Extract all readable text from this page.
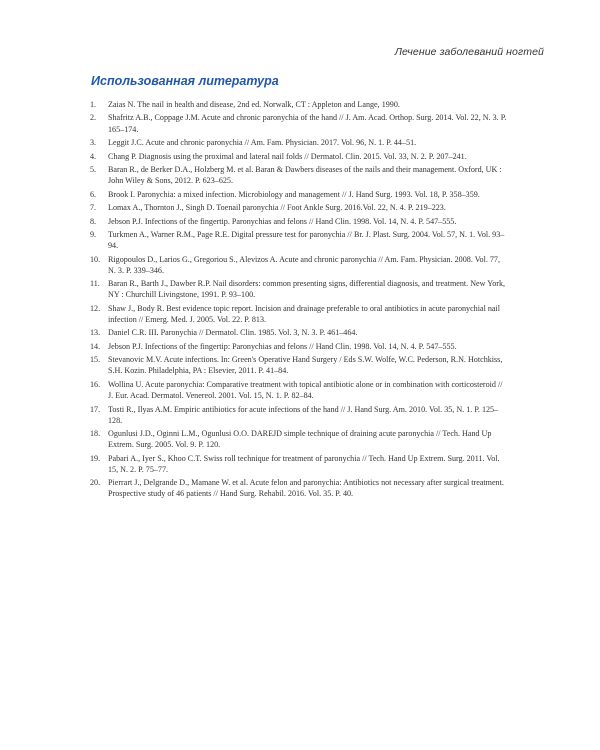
Лечение заболеваний ногтей
Использованная литература
1.	Zaias N. The nail in health and disease, 2nd ed. Norwalk, CT : Appleton and Lange, 1990.
2.	Shafritz A.B., Coppage J.M. Acute and chronic paronychia of the hand // J. Am. Acad. Orthop. Surg. 2014. Vol. 22, N. 3. P. 165–174.
3.	Leggit J.C. Acute and chronic paronychia // Am. Fam. Physician. 2017. Vol. 96, N. 1. P. 44–51.
4.	Chang P. Diagnosis using the proximal and lateral nail folds // Dermatol. Clin. 2015. Vol. 33, N. 2. P. 207–241.
5.	Baran R., de Berker D.A., Holzberg M. et al. Baran & Dawbers diseases of the nails and their management. Oxford, UK : John Wiley & Sons, 2012. P. 623–625.
6.	Brook I. Paronychia: a mixed infection. Microbiology and management // J. Hand Surg. 1993. Vol. 18, P. 358–359.
7.	Lomax A., Thornton J., Singh D. Toenail paronychia // Foot Ankle Surg. 2016.Vol. 22, N. 4. P. 219–223.
8.	Jebson P.J. Infections of the fingertip. Paronychias and felons // Hand Clin. 1998. Vol. 14, N. 4. P. 547–555.
9.	Turkmen A., Warner R.M., Page R.E. Digital pressure test for paronychia // Br. J. Plast. Surg. 2004. Vol. 57, N. 1. Vol. 93–94.
10. Rigopoulos D., Larios G., Gregoriou S., Alevizos A. Acute and chronic paronychia // Am. Fam. Physician. 2008. Vol. 77, N. 3. P. 339–346.
11.	Baran R., Barth J., Dawber R.P. Nail disorders: common presenting signs, differential diagnosis, and treatment. New York, NY : Churchill Livingstone, 1991. P. 93–100.
12. Shaw J., Body R. Best evidence topic report. Incision and drainage preferable to oral antibiotics in acute paronychial nail infection // Emerg. Med. J. 2005. Vol. 22. P. 813.
13. Daniel C.R. III. Paronychia // Dermatol. Clin. 1985. Vol. 3, N. 3. P. 461–464.
14. Jebson P.J. Infections of the fingertip: Paronychias and felons // Hand Clin. 1998. Vol. 14, N. 4. P. 547–555.
15. Stevanovic M.V. Acute infections. In: Green's Operative Hand Surgery / Eds S.W. Wolfe, W.C. Pederson, R.N. Hotchkiss, S.H. Kozin. Philadelphia, PA : Elsevier, 2011. P. 41–84.
16. Wollina U. Acute paronychia: Comparative treatment with topical antibiotic alone or in combination with corticosteroid // J. Eur. Acad. Dermatol. Venereol. 2001. Vol. 15, N. 1. P. 82–84.
17. Tosti R., Ilyas A.M. Empiric antibiotics for acute infections of the hand // J. Hand Surg. Am. 2010. Vol. 35, N. 1. P. 125–128.
18. Ogunlusi J.D., Oginni L.M., Ogunlusi O.O. DAREJD simple technique of draining acute paronychia // Tech. Hand Up Extrem. Surg. 2005. Vol. 9. P. 120.
19. Pabari A., Iyer S., Khoo C.T. Swiss roll technique for treatment of paronychia // Tech. Hand Up Extrem. Surg. 2011. Vol. 15, N. 2. P. 75–77.
20. Pierrart J., Delgrande D., Mamane W. et al. Acute felon and paronychia: Antibiotics not necessary after surgical treatment. Prospective study of 46 patients // Hand Surg. Rehabil. 2016. Vol. 35. P. 40.
